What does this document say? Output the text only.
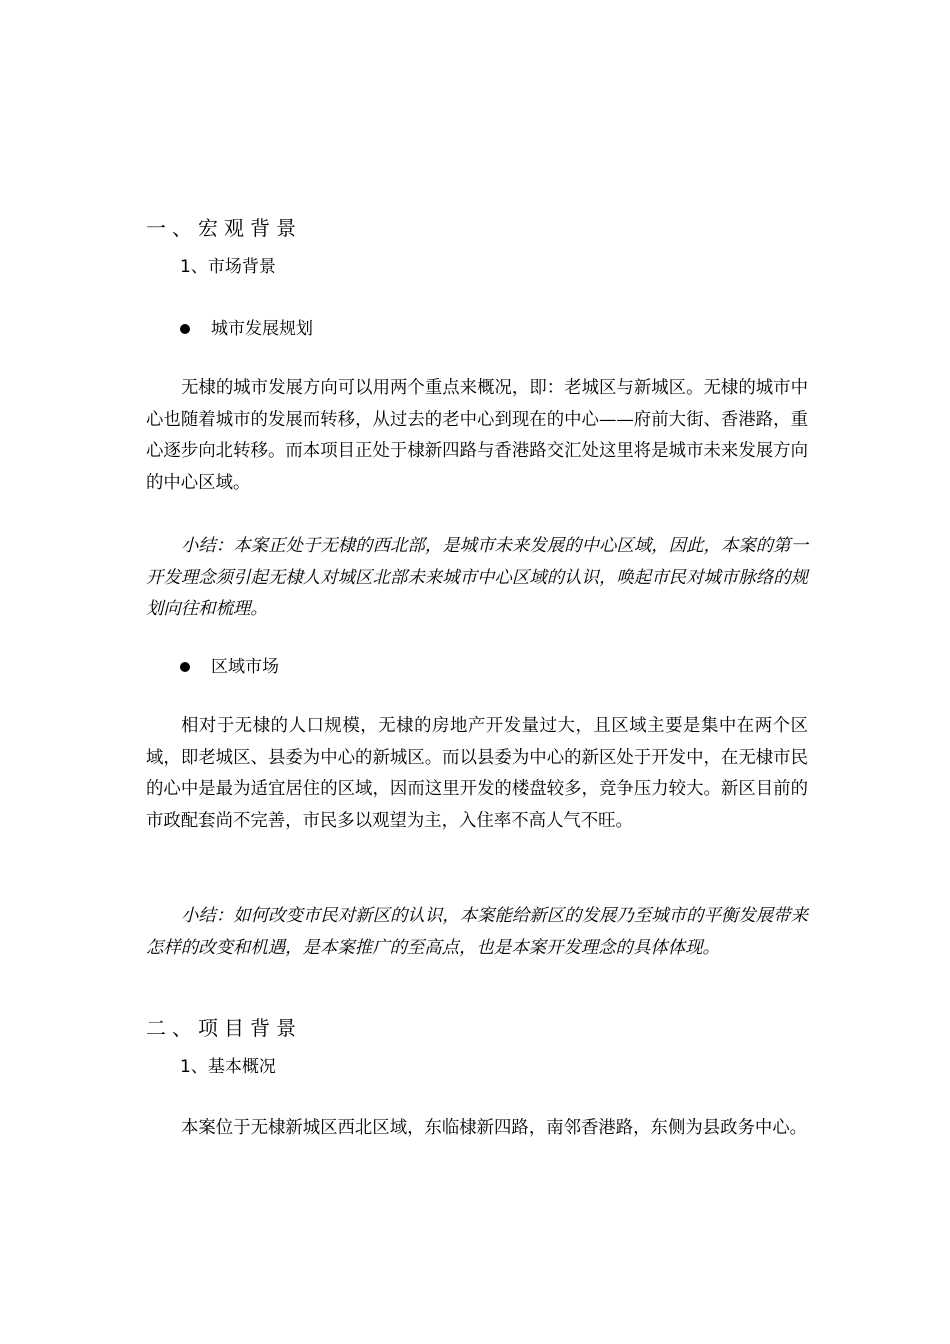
一、宏观背景
1、市场背景
城市发展规划

无棣的城市发展方向可以用两个重点来概况，即：老城区与新城区。无棣的城市中心也随着城市的发展而转移，从过去的老中心到现在的中心——府前大街、香港路，重心逐步向北转移。而本项目正处于棣新四路与香港路交汇处这里将是城市未来发展方向的中心区域。

小结：本案正处于无棣的西北部，是城市未来发展的中心区域，因此，本案的第一开发理念须引起无棣人对城区北部未来城市中心区域的认识，唤起市民对城市脉络的规划向往和梳理。

区域市场

相对于无棣的人口规模，无棣的房地产开发量过大，且区域主要是集中在两个区域，即老城区、县委为中心的新城区。而以县委为中心的新区处于开发中，在无棣市民的心中是最为适宜居住的区域，因而这里开发的楼盘较多，竞争压力较大。新区目前的市政配套尚不完善，市民多以观望为主，入住率不高人气不旺。

小结：如何改变市民对新区的认识，本案能给新区的发展乃至城市的平衡发展带来怎样的改变和机遇，是本案推广的至高点，也是本案开发理念的具体体现。

二、项目背景
1、基本概况

本案位于无棣新城区西北区域，东临棣新四路，南邻香港路，东侧为县政务中心。
